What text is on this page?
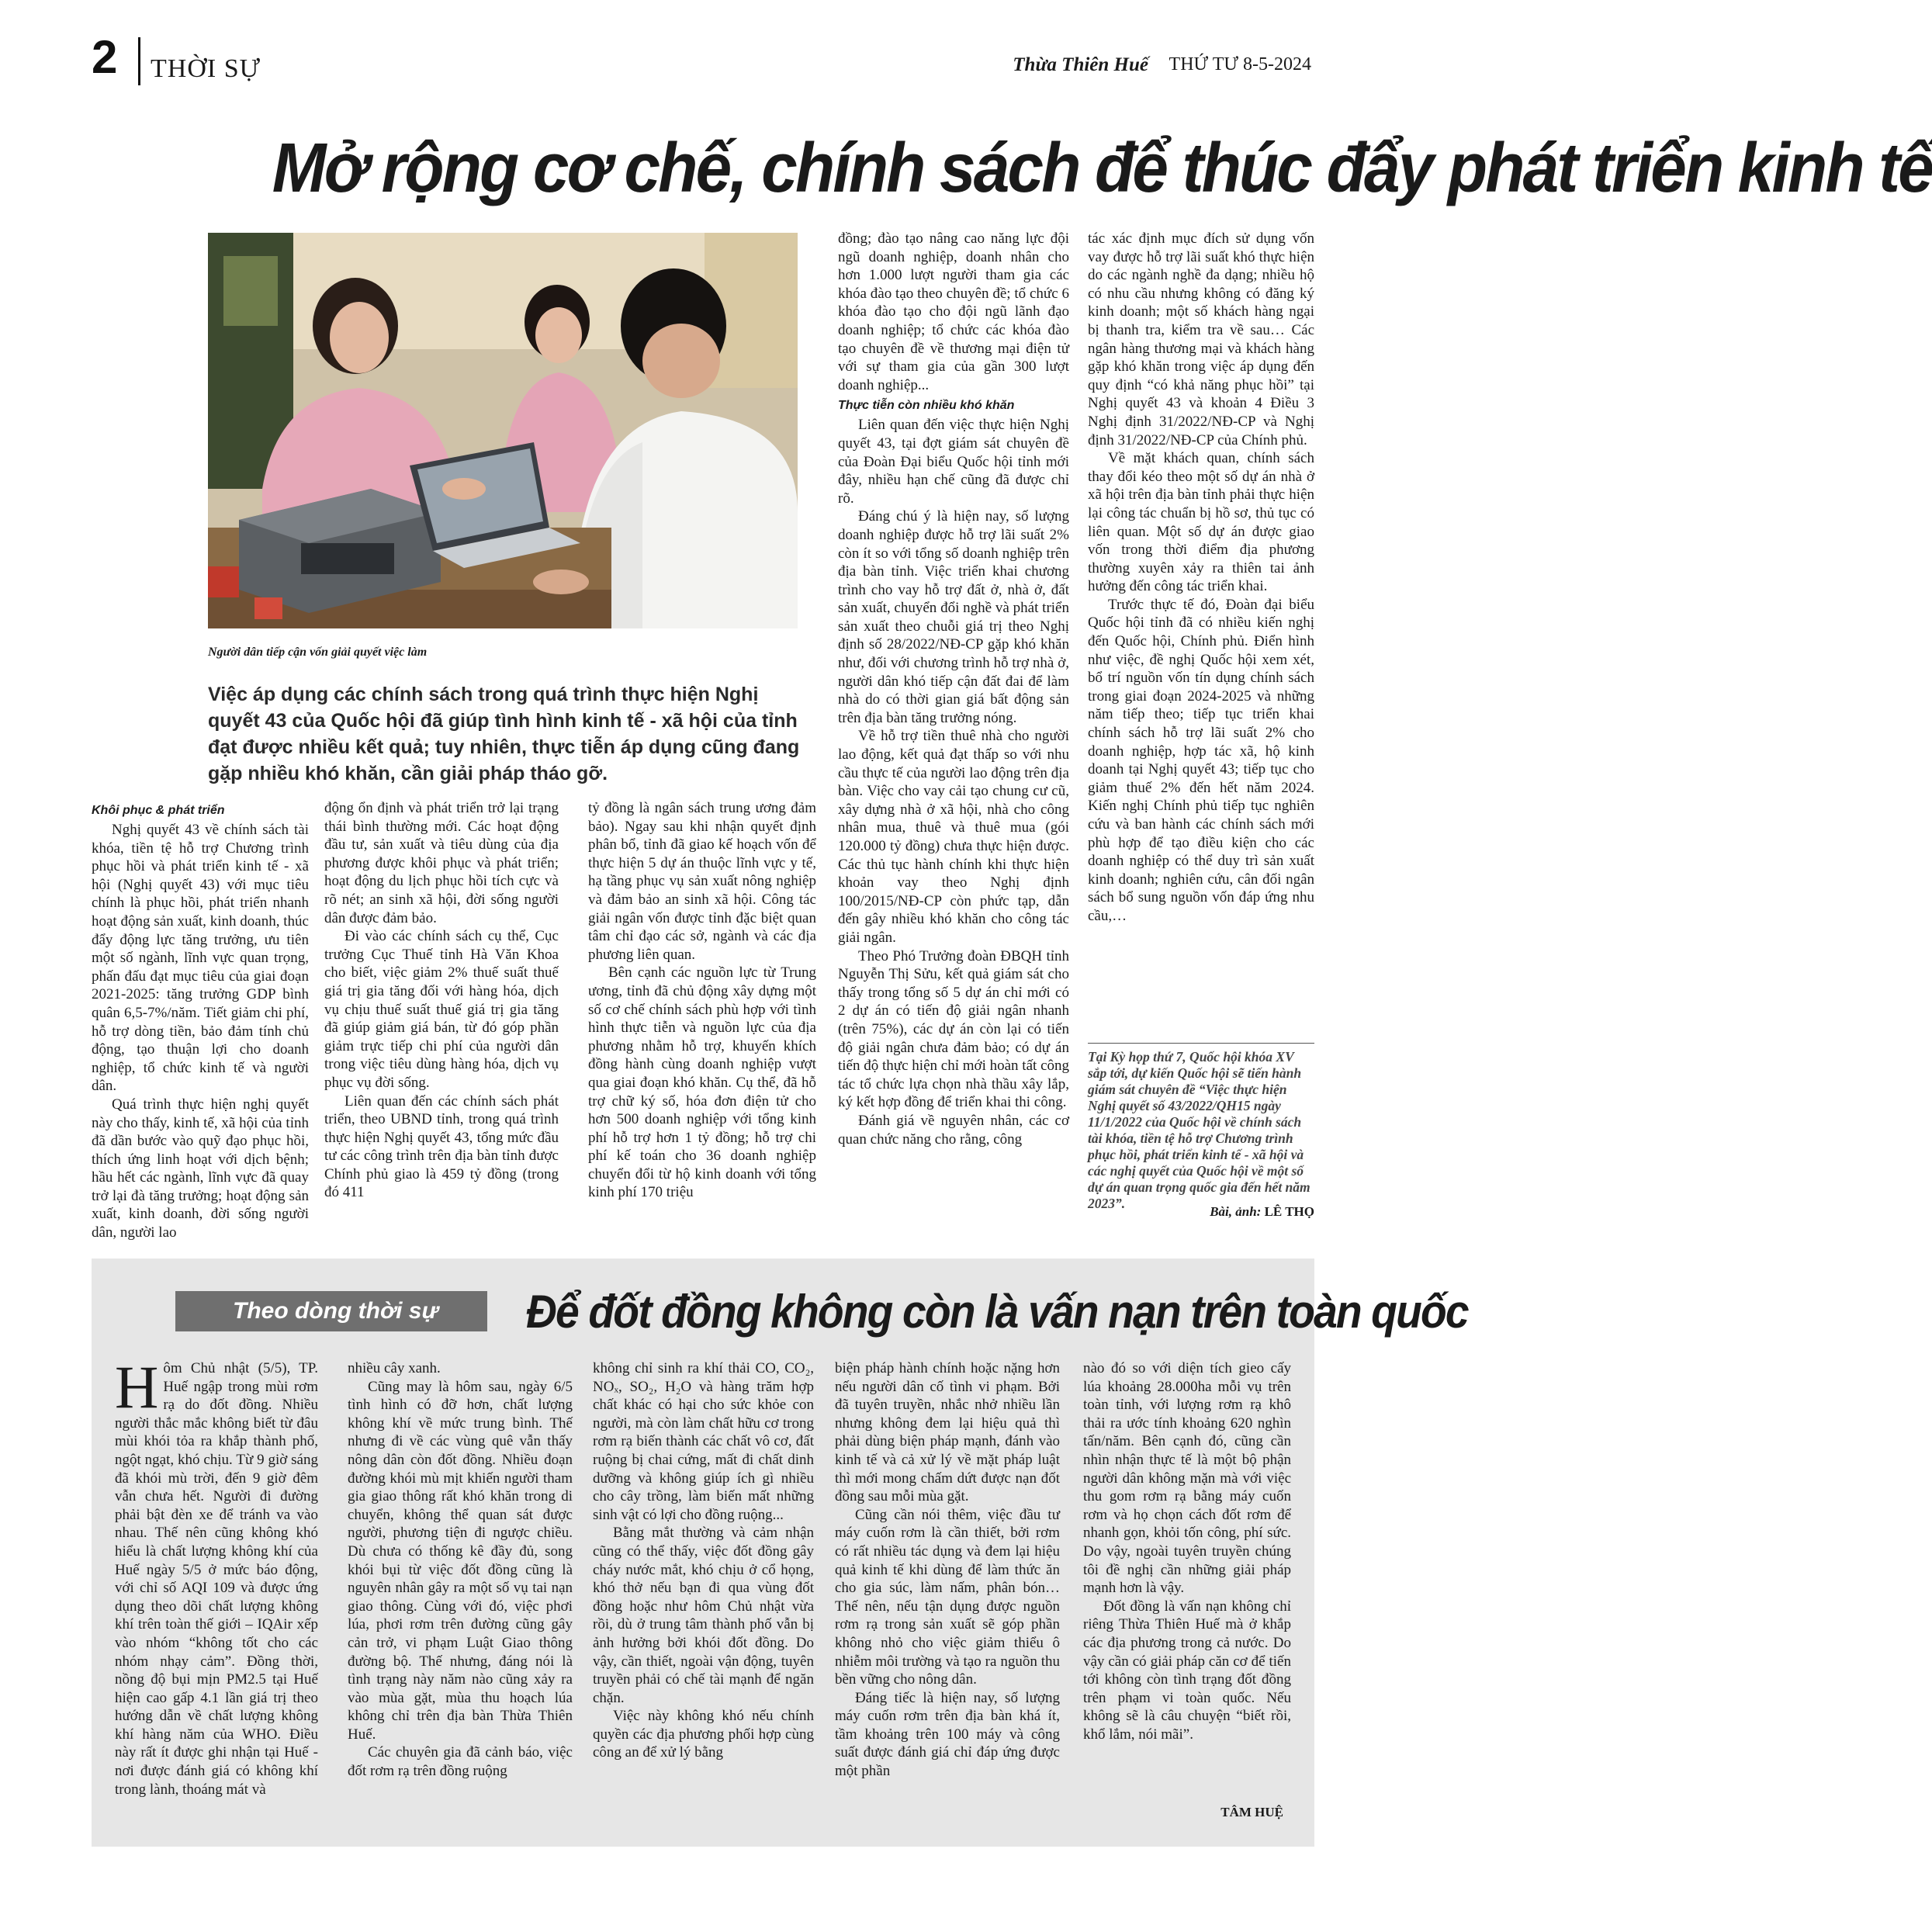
2 THỜI SỰ	Thừa Thiên Huế THỨ TƯ 8-5-2024
Mở rộng cơ chế, chính sách để thúc đẩy phát triển kinh tế
Người dân tiếp cận vốn giải quyết việc làm
Việc áp dụng các chính sách trong quá trình thực hiện Nghị quyết 43 của Quốc hội đã giúp tình hình kinh tế - xã hội của tỉnh đạt được nhiều kết quả; tuy nhiên, thực tiễn áp dụng cũng đang gặp nhiều khó khăn, cần giải pháp tháo gỡ.
Khôi phục & phát triển

Nghị quyết 43 về chính sách tài khóa, tiền tệ hỗ trợ Chương trình phục hồi và phát triển kinh tế - xã hội (Nghị quyết 43) với mục tiêu chính là phục hồi, phát triển nhanh hoạt động sản xuất, kinh doanh, thúc đẩy động lực tăng trưởng, ưu tiên một số ngành, lĩnh vực quan trọng, phấn đấu đạt mục tiêu của giai đoạn 2021-2025: tăng trưởng GDP bình quân 6,5-7%/năm. Tiết giảm chi phí, hỗ trợ dòng tiền, bảo đảm tính chủ động, tạo thuận lợi cho doanh nghiệp, tổ chức kinh tế và người dân.

Quá trình thực hiện nghị quyết này cho thấy, kinh tế, xã hội của tỉnh đã dần bước vào quỹ đạo phục hồi, thích ứng linh hoạt với dịch bệnh; hầu hết các ngành, lĩnh vực đã quay trở lại đà tăng trưởng; hoạt động sản xuất, kinh doanh, đời sống người dân, người lao

động ổn định và phát triển trở lại trạng thái bình thường mới. Các hoạt động đầu tư, sản xuất và tiêu dùng của địa phương được khôi phục và phát triển; hoạt động du lịch phục hồi tích cực và rõ nét; an sinh xã hội, đời sống người dân được đảm bảo.

Đi vào các chính sách cụ thể, Cục trưởng Cục Thuế tỉnh Hà Văn Khoa cho biết, việc giảm 2% thuế suất thuế giá trị gia tăng đối với hàng hóa, dịch vụ chịu thuế suất thuế giá trị gia tăng đã giúp giảm giá bán, từ đó góp phần giảm trực tiếp chi phí của người dân trong việc tiêu dùng hàng hóa, dịch vụ phục vụ đời sống.

Liên quan đến các chính sách phát triển, theo UBND tỉnh, trong quá trình thực hiện Nghị quyết 43, tổng mức đầu tư các công trình trên địa bàn tỉnh được Chính phủ giao là 459 tỷ đồng (trong đó 411

tỷ đồng là ngân sách trung ương đảm bảo). Ngay sau khi nhận quyết định phân bổ, tỉnh đã giao kế hoạch vốn để thực hiện 5 dự án thuộc lĩnh vực y tế, hạ tầng phục vụ sản xuất nông nghiệp và đảm bảo an sinh xã hội. Công tác giải ngân vốn được tỉnh đặc biệt quan tâm chỉ đạo các sở, ngành và các địa phương liên quan.

Bên cạnh các nguồn lực từ Trung ương, tỉnh đã chủ động xây dựng một số cơ chế chính sách phù hợp với tình hình thực tiễn và nguồn lực của địa phương nhằm hỗ trợ, khuyến khích đồng hành cùng doanh nghiệp vượt qua giai đoạn khó khăn. Cụ thể, đã hỗ trợ chữ ký số, hóa đơn điện tử cho hơn 500 doanh nghiệp với tổng kinh phí hỗ trợ hơn 1 tỷ đồng; hỗ trợ chi phí kế toán cho 36 doanh nghiệp chuyển đổi từ hộ kinh doanh với tổng kinh phí 170 triệu

đồng; đào tạo nâng cao năng lực đội ngũ doanh nghiệp, doanh nhân cho hơn 1.000 lượt người tham gia các khóa đào tạo theo chuyên đề; tổ chức 6 khóa đào tạo cho đội ngũ lãnh đạo doanh nghiệp; tổ chức các khóa đào tạo chuyên đề về thương mại điện tử với sự tham gia của gần 300 lượt doanh nghiệp...

Thực tiễn còn nhiều khó khăn

Liên quan đến việc thực hiện Nghị quyết 43, tại đợt giám sát chuyên đề của Đoàn Đại biểu Quốc hội tỉnh mới đây, nhiều hạn chế cũng đã được chỉ rõ.

Đáng chú ý là hiện nay, số lượng doanh nghiệp được hỗ trợ lãi suất 2% còn ít so với tổng số doanh nghiệp trên địa bàn tỉnh. Việc triển khai chương trình cho vay hỗ trợ đất ở, nhà ở, đất sản xuất, chuyển đổi nghề và phát triển sản xuất theo chuỗi giá trị theo Nghị định số 28/2022/NĐ-CP gặp khó khăn như, đối với chương trình hỗ trợ nhà ở, người dân khó tiếp cận đất đai để làm nhà do có thời gian giá bất động sản trên địa bàn tăng trưởng nóng.

Về hỗ trợ tiền thuê nhà cho người lao động, kết quả đạt thấp so với nhu cầu thực tế của người lao động trên địa bàn. Việc cho vay cải tạo chung cư cũ, xây dựng nhà ở xã hội, nhà cho công nhân mua, thuê và thuê mua (gói 120.000 tỷ đồng) chưa thực hiện được. Các thủ tục hành chính khi thực hiện khoản vay theo Nghị định 100/2015/NĐ-CP còn phức tạp, dẫn đến gây nhiều khó khăn cho công tác giải ngân.

Theo Phó Trưởng đoàn ĐBQH tỉnh Nguyễn Thị Sửu, kết quả giám sát cho thấy trong tổng số 5 dự án chỉ mới có 2 dự án có tiến độ giải ngân nhanh (trên 75%), các dự án còn lại có tiến độ giải ngân chưa đảm bảo; có dự án tiến độ thực hiện chỉ mới hoàn tất công tác tổ chức lựa chọn nhà thầu xây lắp, ký kết hợp đồng để triển khai thi công.

Đánh giá về nguyên nhân, các cơ quan chức năng cho rằng, công

tác xác định mục đích sử dụng vốn vay được hỗ trợ lãi suất khó thực hiện do các ngành nghề đa dạng; nhiều hộ có nhu cầu nhưng không có đăng ký kinh doanh; một số khách hàng ngại bị thanh tra, kiểm tra về sau… Các ngân hàng thương mại và khách hàng gặp khó khăn trong việc áp dụng đến quy định “có khả năng phục hồi” tại Nghị quyết 43 và khoản 4 Điều 3 Nghị định 31/2022/NĐ-CP và Nghị định 31/2022/NĐ-CP của Chính phủ.

Về mặt khách quan, chính sách thay đổi kéo theo một số dự án nhà ở xã hội trên địa bàn tỉnh phải thực hiện lại công tác chuẩn bị hồ sơ, thủ tục có liên quan. Một số dự án được giao vốn trong thời điểm địa phương thường xuyên xảy ra thiên tai ảnh hưởng đến công tác triển khai.

Trước thực tế đó, Đoàn đại biểu Quốc hội tỉnh đã có nhiều kiến nghị đến Quốc hội, Chính phủ. Điển hình như việc, đề nghị Quốc hội xem xét, bổ trí nguồn vốn tín dụng chính sách trong giai đoạn 2024-2025 và những năm tiếp theo; tiếp tục triển khai chính sách hỗ trợ lãi suất 2% cho doanh nghiệp, hợp tác xã, hộ kinh doanh tại Nghị quyết 43; tiếp tục cho giảm thuế 2% đến hết năm 2024. Kiến nghị Chính phủ tiếp tục nghiên cứu và ban hành các chính sách mới phù hợp để tạo điều kiện cho các doanh nghiệp có thể duy trì sản xuất kinh doanh; nghiên cứu, cân đối ngân sách bổ sung nguồn vốn đáp ứng nhu cầu,…

Tại Kỳ họp thứ 7, Quốc hội khóa XV sắp tới, dự kiến Quốc hội sẽ tiến hành giám sát chuyên đề “Việc thực hiện Nghị quyết số 43/2022/QH15 ngày 11/1/2022 của Quốc hội về chính sách tài khóa, tiền tệ hỗ trợ Chương trình phục hồi, phát triển kinh tế - xã hội và các nghị quyết của Quốc hội về một số dự án quan trọng quốc gia đến hết năm 2023”.
Bài, ảnh: LÊ THỌ
Theo dòng thời sự Để đốt đồng không còn là vấn nạn trên toàn quốc

Hôm Chủ nhật (5/5), TP. Huế ngập trong mùi rơm rạ do đốt đồng. Nhiều người thắc mắc không biết từ đâu mùi khói tỏa ra khắp thành phố, ngột ngạt, khó chịu. Từ 9 giờ sáng đã khói mù trời, đến 9 giờ đêm vẫn chưa hết. Người đi đường phải bật đèn xe để tránh va vào nhau. Thế nên cũng không khó hiểu là chất lượng không khí của Huế ngày 5/5 ở mức báo động, với chỉ số AQI 109 và được ứng dụng theo dõi chất lượng không khí trên toàn thế giới – IQAir xếp vào nhóm “không tốt cho các nhóm nhạy cảm”. Đồng thời, nồng độ bụi mịn PM2.5 tại Huế hiện cao gấp 4.1 lần giá trị theo hướng dẫn về chất lượng không khí hàng năm của WHO. Điều này rất ít được ghi nhận tại Huế - nơi được đánh giá có không khí trong lành, thoáng mát và

nhiều cây xanh.

Cũng may là hôm sau, ngày 6/5 tình hình có đỡ hơn, chất lượng không khí về mức trung bình. Thế nhưng đi về các vùng quê vẫn thấy nông dân còn đốt đồng. Nhiều đoạn đường khói mù mịt khiến người tham gia giao thông rất khó khăn trong di chuyển, không thể quan sát được người, phương tiện đi ngược chiều. Dù chưa có thống kê đầy đủ, song khói bụi từ việc đốt đồng cũng là nguyên nhân gây ra một số vụ tai nạn giao thông. Cùng với đó, việc phơi lúa, phơi rơm trên đường cũng gây cản trở, vi phạm Luật Giao thông đường bộ. Thế nhưng, đáng nói là tình trạng này năm nào cũng xảy ra vào mùa gặt, mùa thu hoạch lúa không chỉ trên địa bàn Thừa Thiên Huế.

Các chuyên gia đã cảnh báo, việc đốt rơm rạ trên đồng ruộng

không chỉ sinh ra khí thải CO, CO₂, NOₓ, SO₂, H₂O và hàng trăm hợp chất khác có hại cho sức khỏe con người, mà còn làm chất hữu cơ trong rơm rạ biến thành các chất vô cơ, đất ruộng bị chai cứng, mất đi chất dinh dưỡng và không giúp ích gì nhiều cho cây trồng, làm biến mất những sinh vật có lợi cho đồng ruộng...

Bằng mắt thường và cảm nhận cũng có thể thấy, việc đốt đồng gây cháy nước mắt, khó chịu ở cổ họng, khó thở nếu bạn đi qua vùng đốt đồng hoặc như hôm Chủ nhật vừa rồi, dù ở trung tâm thành phố vẫn bị ảnh hưởng bởi khói đốt đồng. Do vậy, cần thiết, ngoài vận động, tuyên truyền phải có chế tài mạnh để ngăn chặn.

Việc này không khó nếu chính quyền các địa phương phối hợp cùng công an để xử lý bằng

biện pháp hành chính hoặc nặng hơn nếu người dân cố tình vi phạm. Bởi đã tuyên truyền, nhắc nhở nhiều lần nhưng không đem lại hiệu quả thì phải dùng biện pháp mạnh, đánh vào kinh tế và cả xử lý về mặt pháp luật thì mới mong chấm dứt được nạn đốt đồng sau mỗi mùa gặt.

Cũng cần nói thêm, việc đầu tư máy cuốn rơm là cần thiết, bởi rơm có rất nhiều tác dụng và đem lại hiệu quả kinh tế khi dùng để làm thức ăn cho gia súc, làm nấm, phân bón… Thế nên, nếu tận dụng được nguồn rơm rạ trong sản xuất sẽ góp phần không nhỏ cho việc giảm thiểu ô nhiễm môi trường và tạo ra nguồn thu bền vững cho nông dân.

Đáng tiếc là hiện nay, số lượng máy cuốn rơm trên địa bàn khá ít, tầm khoảng trên 100 máy và công suất được đánh giá chỉ đáp ứng được một phần

nào đó so với diện tích gieo cấy lúa khoảng 28.000ha mỗi vụ trên toàn tỉnh, với lượng rơm rạ khô thải ra ước tính khoảng 620 nghìn tấn/năm. Bên cạnh đó, cũng cần nhìn nhận thực tế là một bộ phận người dân không mặn mà với việc thu gom rơm rạ bằng máy cuốn rơm và họ chọn cách đốt rơm để nhanh gọn, khỏi tốn công, phí sức. Do vậy, ngoài tuyên truyền chúng tôi đề nghị cần những giải pháp mạnh hơn là vậy.

Đốt đồng là vấn nạn không chỉ riêng Thừa Thiên Huế mà ở khắp các địa phương trong cả nước. Do vậy cần có giải pháp căn cơ để tiến tới không còn tình trạng đốt đồng trên phạm vi toàn quốc. Nếu không sẽ là câu chuyện “biết rồi, khổ lắm, nói mãi”.

TÂM HUỆ
